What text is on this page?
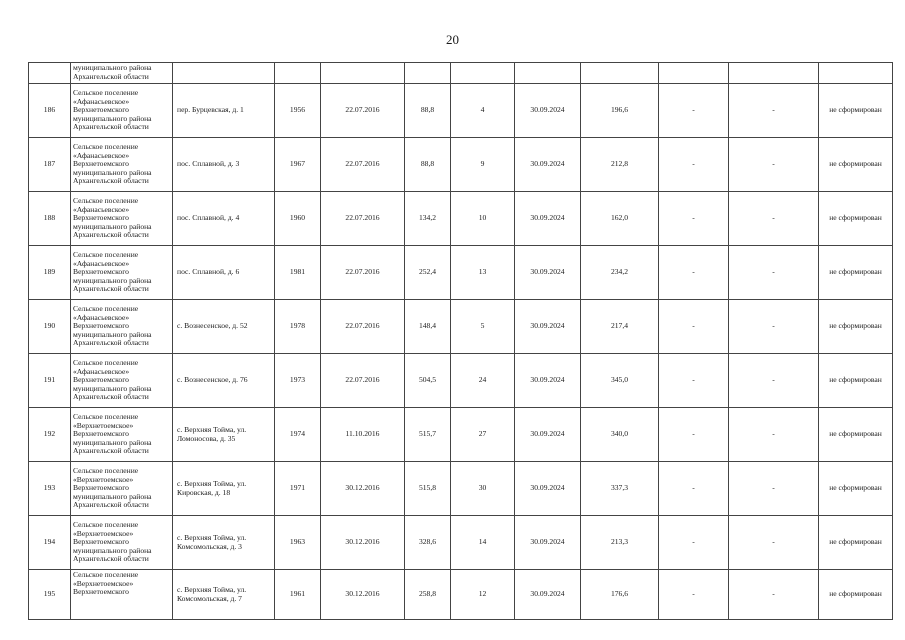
20
	муниципального района
Архангельской области										
186	Сельское поселение
«Афанасьевское»
Верхнетоемского
муниципального района
Архангельской области	пер. Бурцевская, д. 1	1956	22.07.2016	88,8	4	30.09.2024	196,6	-	-	не сформирован
187	Сельское поселение
«Афанасьевское»
Верхнетоемского
муниципального района
Архангельской области	пос. Сплавной, д. 3	1967	22.07.2016	88,8	9	30.09.2024	212,8	-	-	не сформирован
188	Сельское поселение
«Афанасьевское»
Верхнетоемского
муниципального района
Архангельской области	пос. Сплавной, д. 4	1960	22.07.2016	134,2	10	30.09.2024	162,0	-	-	не сформирован
189	Сельское поселение
«Афанасьевское»
Верхнетоемского
муниципального района
Архангельской области	пос. Сплавной, д. 6	1981	22.07.2016	252,4	13	30.09.2024	234,2	-	-	не сформирован
190	Сельское поселение
«Афанасьевское»
Верхнетоемского
муниципального района
Архангельской области	с. Вознесенское, д. 52	1978	22.07.2016	148,4	5	30.09.2024	217,4	-	-	не сформирован
191	Сельское поселение
«Афанасьевское»
Верхнетоемского
муниципального района
Архангельской области	с. Вознесенское, д. 76	1973	22.07.2016	504,5	24	30.09.2024	345,0	-	-	не сформирован
192	Сельское поселение
«Верхнетоемское»
Верхнетоемского
муниципального района
Архангельской области	с. Верхняя Тойма, ул.
Ломоносова, д. 35	1974	11.10.2016	515,7	27	30.09.2024	340,0	-	-	не сформирован
193	Сельское поселение
«Верхнетоемское»
Верхнетоемского
муниципального района
Архангельской области	с. Верхняя Тойма, ул.
Кировская, д. 18	1971	30.12.2016	515,8	30	30.09.2024	337,3	-	-	не сформирован
194	Сельское поселение
«Верхнетоемское»
Верхнетоемского
муниципального района
Архангельской области	с. Верхняя Тойма, ул.
Комсомольская, д. 3	1963	30.12.2016	328,6	14	30.09.2024	213,3	-	-	не сформирован
195	Сельское поселение
«Верхнетоемское»
Верхнетоемского	с. Верхняя Тойма, ул.
Комсомольская, д. 7	1961	30.12.2016	258,8	12	30.09.2024	176,6	-	-	не сформирован
